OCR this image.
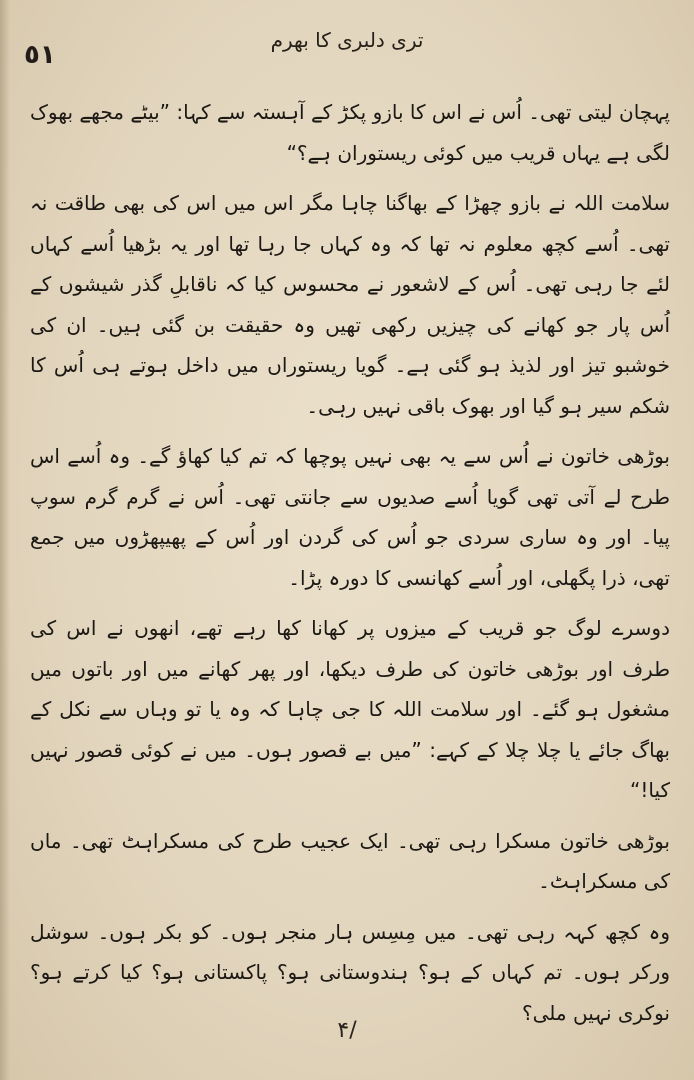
٥١	تری دلبری کا بھرم

پہچان لیتی تھی۔ اُس نے اس کا بازو پکڑ کے آہستہ سے کہا: ”بیٹے مجھے بھوک لگی ہے یہاں قریب میں کوئی ریستوران ہے؟“

سلامت اللہ نے بازو چھڑا کے بھاگنا چاہا مگر اس میں اس کی بھی طاقت نہ تھی۔ اُسے کچھ معلوم نہ تھا کہ وہ کہاں جا رہا تھا اور یہ بڑھیا اُسے کہاں لئے جا رہی تھی۔ اُس کے لاشعور نے محسوس کیا کہ ناقابلِ گذر شیشوں کے اُس پار جو کھانے کی چیزیں رکھی تھیں وہ حقیقت بن گئی ہیں۔ ان کی خوشبو تیز اور لذیذ ہو گئی ہے۔ گویا ریستوراں میں داخل ہوتے ہی اُس کا شکم سیر ہو گیا اور بھوک باقی نہیں رہی۔

بوڑھی خاتون نے اُس سے یہ بھی نہیں پوچھا کہ تم کیا کھاؤ گے۔ وہ اُسے اس طرح لے آتی تھی گویا اُسے صدیوں سے جانتی تھی۔ اُس نے گرم گرم سوپ پیا۔ اور وہ ساری سردی جو اُس کی گردن اور اُس کے پھیپھڑوں میں جمع تھی، ذرا پگھلی، اور اُسے کھانسی کا دورہ پڑا۔

دوسرے لوگ جو قریب کے میزوں پر کھانا کھا رہے تھے، انھوں نے اس کی طرف اور بوڑھی خاتون کی طرف دیکھا، اور پھر کھانے میں اور باتوں میں مشغول ہو گئے۔ اور سلامت اللہ کا جی چاہا کہ وہ یا تو وہاں سے نکل کے بھاگ جائے یا چلا چلا کے کہے: ”میں بے قصور ہوں۔ میں نے کوئی قصور نہیں کیا!“

بوڑھی خاتون مسکرا رہی تھی۔ ایک عجیب طرح کی مسکراہٹ تھی۔ ماں کی مسکراہٹ۔

وہ کچھ کہہ رہی تھی۔ میں مِسِس ہار منجر ہوں۔ کو بکر ہوں۔ سوشل ورکر ہوں۔ تم کہاں کے ہو؟ ہندوستانی ہو؟ پاکستانی ہو؟ کیا کرتے ہو؟ نوکری نہیں ملی؟

۴/
